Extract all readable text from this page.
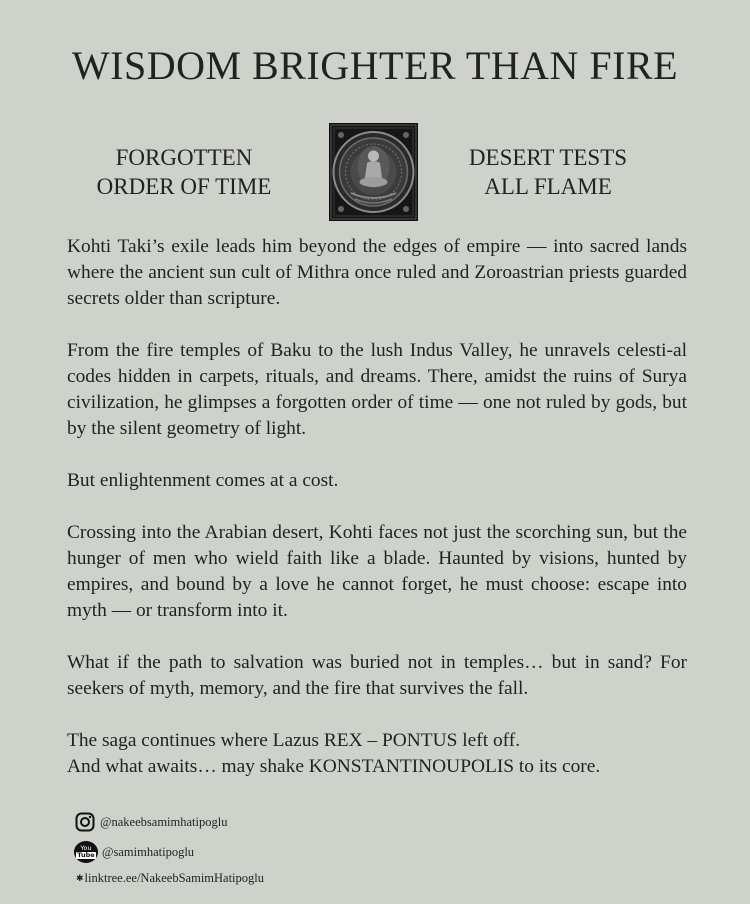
WISDOM BRIGHTER THAN FIRE
FORGOTTEN
ORDER OF TIME
DESERT TESTS
ALL FLAME

Kohti Taki’s exile leads him beyond the edges of empire — into sacred lands where the ancient sun cult of Mithra once ruled and Zoroastrian priests guarded secrets older than scripture.

From the fire temples of Baku to the lush Indus Valley, he unravels celesti-al codes hidden in carpets, rituals, and dreams. There, amidst the ruins of Surya civilization, he glimpses a forgotten order of time — one not ruled by gods, but by the silent geometry of light.

But enlightenment comes at a cost.

Crossing into the Arabian desert, Kohti faces not just the scorching sun, but the hunger of men who wield faith like a blade. Haunted by visions, hunted by empires, and bound by a love he cannot forget, he must choose: escape into myth — or transform into it.

What if the path to salvation was buried not in temples… but in sand? For seekers of myth, memory, and the fire that survives the fall.

The saga continues where Lazus REX – PONTUS left off.
And what awaits… may shake KONSTANTINOUPOLIS to its core.

@nakeebsamimhatipoglu
You
Tube @samimhatipoglu
✱ linktree.ee/NakeebSamimHatipoglu
